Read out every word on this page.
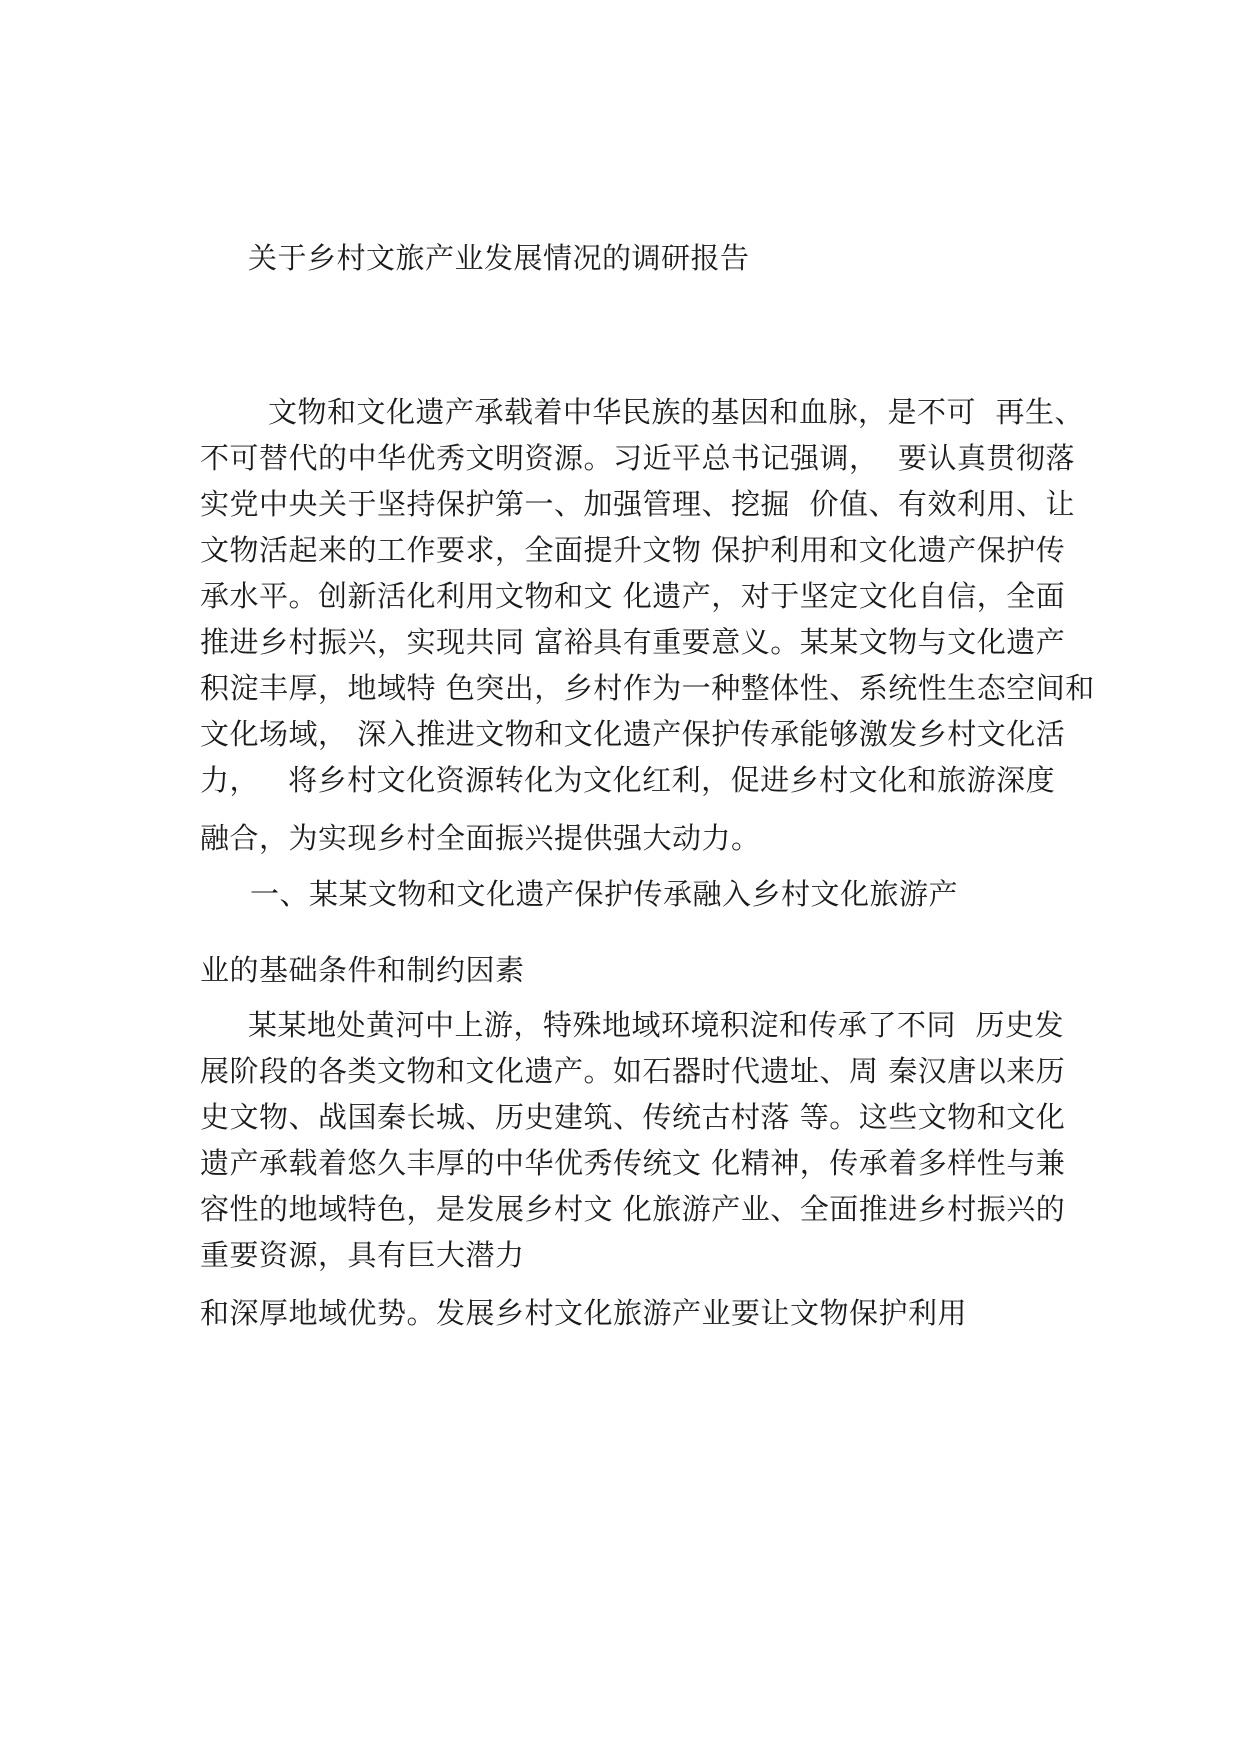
关于乡村文旅产业发展情况的调研报告
文物和文化遗产承载着中华民族的基因和血脉，是不可  再生、
不可替代的中华优秀文明资源。习近平总书记强调，  要认真贯彻落
实党中央关于坚持保护第一、加强管理、挖掘  价值、有效利用、让
文物活起来的工作要求，全面提升文物 保护利用和文化遗产保护传
承水平。创新活化利用文物和文 化遗产，对于坚定文化自信，全面
推进乡村振兴，实现共同 富裕具有重要意义。某某文物与文化遗产
积淀丰厚，地域特 色突出，乡村作为一种整体性、系统性生态空间和
文化场域， 深入推进文物和文化遗产保护传承能够激发乡村文化活
力，   将乡村文化资源转化为文化红利，促进乡村文化和旅游深度
融合，为实现乡村全面振兴提供强大动力。
一、某某文物和文化遗产保护传承融入乡村文化旅游产
业的基础条件和制约因素
某某地处黄河中上游，特殊地域环境积淀和传承了不同  历史发
展阶段的各类文物和文化遗产。如石器时代遗址、周 秦汉唐以来历
史文物、战国秦长城、历史建筑、传统古村落 等。这些文物和文化
遗产承载着悠久丰厚的中华优秀传统文 化精神，传承着多样性与兼
容性的地域特色，是发展乡村文 化旅游产业、全面推进乡村振兴的
重要资源，具有巨大潜力
和深厚地域优势。发展乡村文化旅游产业要让文物保护利用
